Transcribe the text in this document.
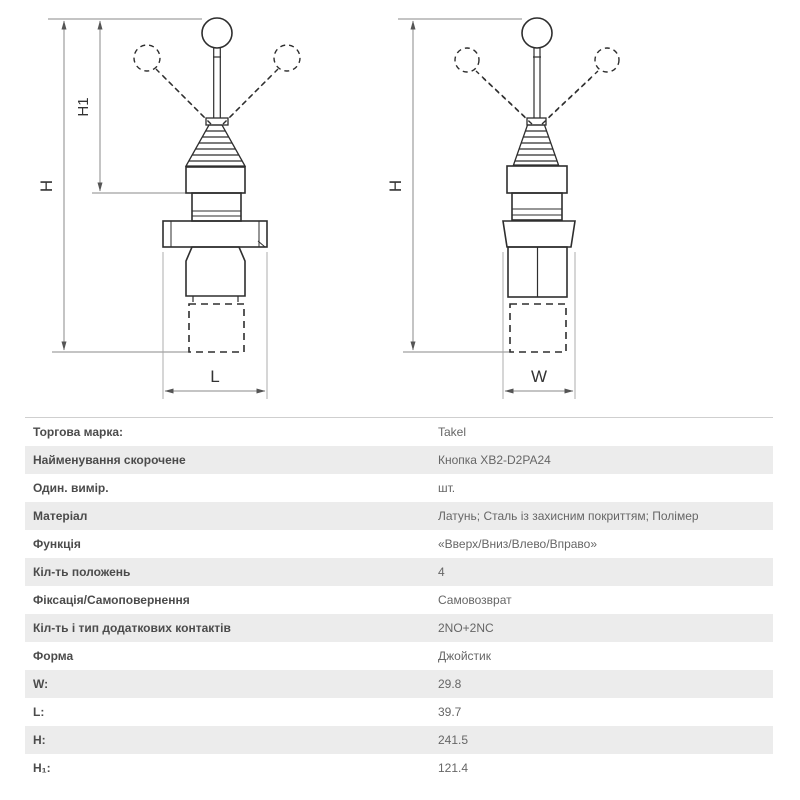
H
H1
L
H
W
Торгова марка:	Takel
Найменування скорочене	Кнопка XB2-D2PA24
Один. вимір.	шт.
Матеріал	Латунь; Сталь із захисним покриттям; Полімер
Функція	«Вверх/Вниз/Влево/Вправо»
Кіл-ть положень	4
Фіксація/Самоповернення	Самовозврат
Кіл-ть і тип додаткових контактів	2NO+2NC
Форма	Джойстик
W:	29.8
L:	39.7
H:	241.5
H₁:	121.4
